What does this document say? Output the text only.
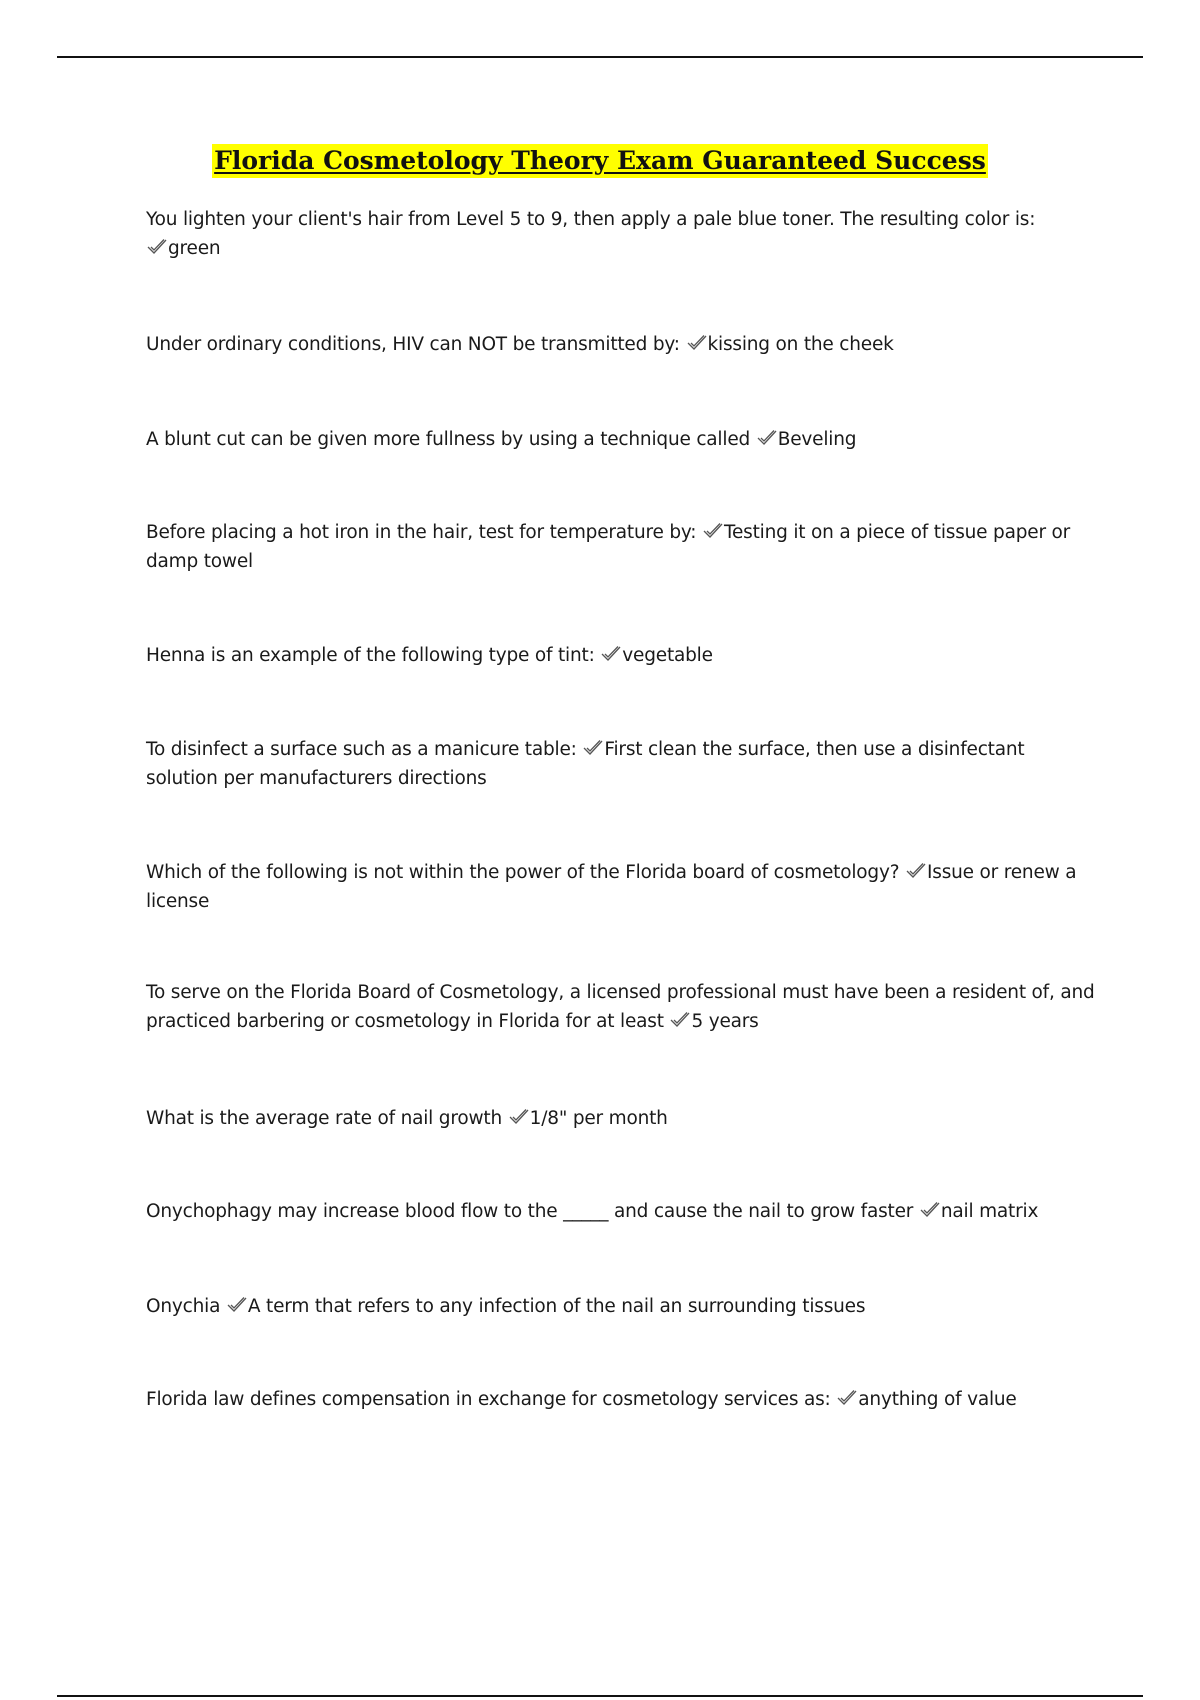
Florida Cosmetology Theory Exam Guaranteed Success
You lighten your client's hair from Level 5 to 9, then apply a pale blue toner. The resulting color is:

green
Under ordinary conditions, HIV can NOT be transmitted by: kissing on the cheek
A blunt cut can be given more fullness by using a technique called Beveling
Before placing a hot iron in the hair, test for temperature by: Testing it on a piece of tissue paper or damp towel
Henna is an example of the following type of tint: vegetable
To disinfect a surface such as a manicure table: First clean the surface, then use a disinfectant solution per manufacturers directions
Which of the following is not within the power of the Florida board of cosmetology? Issue or renew a license
To serve on the Florida Board of Cosmetology, a licensed professional must have been a resident of, and practiced barbering or cosmetology in Florida for at least 5 years
What is the average rate of nail growth 1/8" per month
Onychophagy may increase blood flow to the _____ and cause the nail to grow faster nail matrix
Onychia A term that refers to any infection of the nail an surrounding tissues
Florida law defines compensation in exchange for cosmetology services as: anything of value
